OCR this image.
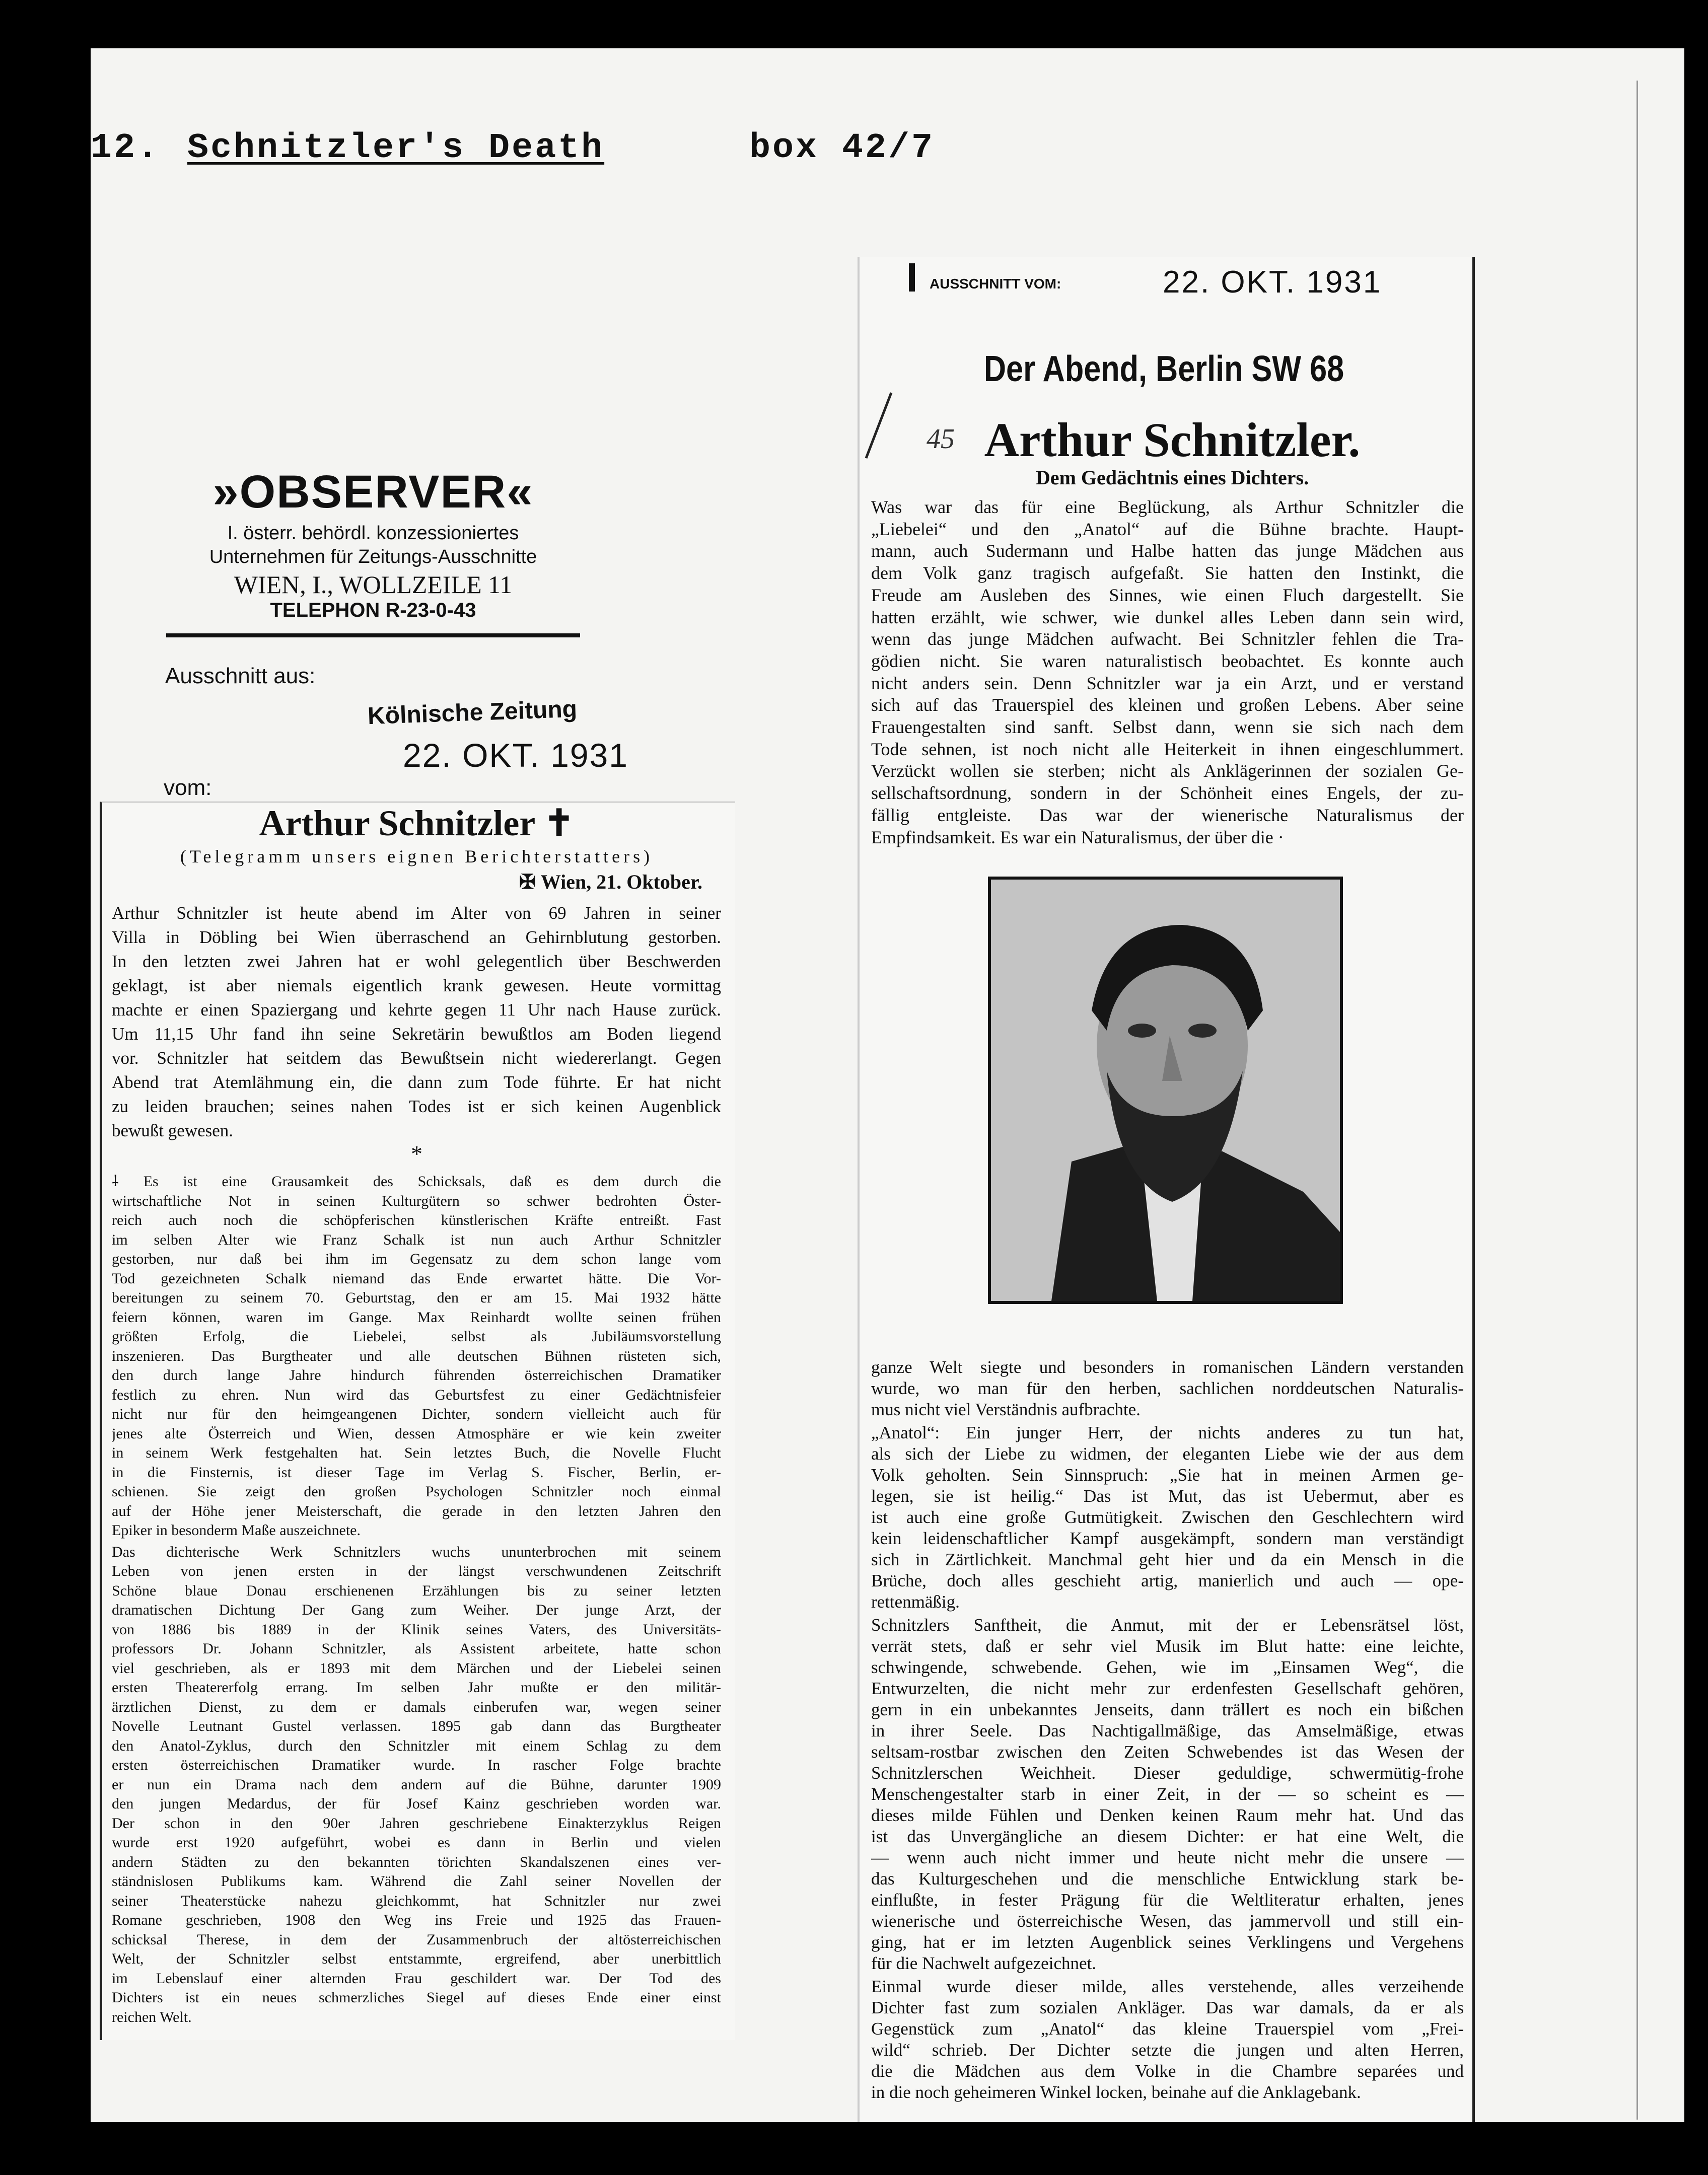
12. Schnitzler's Death	box 42/7
»OBSERVER«
I. österr. behördl. konzessioniertes
Unternehmen für Zeitungs-Ausschnitte
WIEN, I., WOLLZEILE 11
TELEPHON R-23-0-43
Ausschnitt aus:
Kölnische Zeitung
22. OKT. 1931
vom:
Arthur Schnitzler ✝
(Telegramm unsers eignen Berichterstatters)
✠ Wien, 21. Oktober.
Arthur Schnitzler ist heute abend im Alter von 69 Jahren in seiner
Villa in Döbling bei Wien überraschend an Gehirnblutung gestorben.
In den letzten zwei Jahren hat er wohl gelegentlich über Beschwerden
geklagt, ist aber niemals eigentlich krank gewesen. Heute vormittag
machte er einen Spaziergang und kehrte gegen 11 Uhr nach Hause zurück.
Um 11,15 Uhr fand ihn seine Sekretärin bewußtlos am Boden liegend
vor. Schnitzler hat seitdem das Bewußtsein nicht wiedererlangt. Gegen
Abend trat Atemlähmung ein, die dann zum Tode führte. Er hat nicht
zu leiden brauchen; seines nahen Todes ist er sich keinen Augenblick
bewußt gewesen.
*
⸸ Es ist eine Grausamkeit des Schicksals, daß es dem durch die
wirtschaftliche Not in seinen Kulturgütern so schwer bedrohten Öster-
reich auch noch die schöpferischen künstlerischen Kräfte entreißt. Fast
im selben Alter wie Franz Schalk ist nun auch Arthur Schnitzler
gestorben, nur daß bei ihm im Gegensatz zu dem schon lange vom
Tod gezeichneten Schalk niemand das Ende erwartet hätte. Die Vor-
bereitungen zu seinem 70. Geburtstag, den er am 15. Mai 1932 hätte
feiern können, waren im Gange. Max Reinhardt wollte seinen frühen
größten Erfolg, die Liebelei, selbst als Jubiläumsvorstellung
inszenieren. Das Burgtheater und alle deutschen Bühnen rüsteten sich,
den durch lange Jahre hindurch führenden österreichischen Dramatiker
festlich zu ehren. Nun wird das Geburtsfest zu einer Gedächtnisfeier
nicht nur für den heimgeangenen Dichter, sondern vielleicht auch für
jenes alte Österreich und Wien, dessen Atmosphäre er wie kein zweiter
in seinem Werk festgehalten hat. Sein letztes Buch, die Novelle Flucht
in die Finsternis, ist dieser Tage im Verlag S. Fischer, Berlin, er-
schienen. Sie zeigt den großen Psychologen Schnitzler noch einmal
auf der Höhe jener Meisterschaft, die gerade in den letzten Jahren den
Epiker in besonderm Maße auszeichnete.
Das dichterische Werk Schnitzlers wuchs ununterbrochen mit seinem
Leben von jenen ersten in der längst verschwundenen Zeitschrift
Schöne blaue Donau erschienenen Erzählungen bis zu seiner letzten
dramatischen Dichtung Der Gang zum Weiher. Der junge Arzt, der
von 1886 bis 1889 in der Klinik seines Vaters, des Universitäts-
professors Dr. Johann Schnitzler, als Assistent arbeitete, hatte schon
viel geschrieben, als er 1893 mit dem Märchen und der Liebelei seinen
ersten Theatererfolg errang. Im selben Jahr mußte er den militär-
ärztlichen Dienst, zu dem er damals einberufen war, wegen seiner
Novelle Leutnant Gustel verlassen. 1895 gab dann das Burgtheater
den Anatol-Zyklus, durch den Schnitzler mit einem Schlag zu dem
ersten österreichischen Dramatiker wurde. In rascher Folge brachte
er nun ein Drama nach dem andern auf die Bühne, darunter 1909
den jungen Medardus, der für Josef Kainz geschrieben worden war.
Der schon in den 90er Jahren geschriebene Einakterzyklus Reigen
wurde erst 1920 aufgeführt, wobei es dann in Berlin und vielen
andern Städten zu den bekannten törichten Skandalszenen eines ver-
ständnislosen Publikums kam. Während die Zahl seiner Novellen der
seiner Theaterstücke nahezu gleichkommt, hat Schnitzler nur zwei
Romane geschrieben, 1908 den Weg ins Freie und 1925 das Frauen-
schicksal Therese, in dem der Zusammenbruch der altösterreichischen
Welt, der Schnitzler selbst entstammte, ergreifend, aber unerbittlich
im Lebenslauf einer alternden Frau geschildert war. Der Tod des
Dichters ist ein neues schmerzliches Siegel auf dieses Ende einer einst
reichen Welt.
AUSSCHNITT VOM:	22. OKT. 1931
Der Abend, Berlin SW 68
45 Arthur Schnitzler.
Dem Gedächtnis eines Dichters.
Was war das für eine Beglückung, als Arthur Schnitzler die
„Liebelei“ und den „Anatol“ auf die Bühne brachte. Haupt-
mann, auch Sudermann und Halbe hatten das junge Mädchen aus
dem Volk ganz tragisch aufgefaßt. Sie hatten den Instinkt, die
Freude am Ausleben des Sinnes, wie einen Fluch dargestellt. Sie
hatten erzählt, wie schwer, wie dunkel alles Leben dann sein wird,
wenn das junge Mädchen aufwacht. Bei Schnitzler fehlen die Tra-
gödien nicht. Sie waren naturalistisch beobachtet. Es konnte auch
nicht anders sein. Denn Schnitzler war ja ein Arzt, und er verstand
sich auf das Trauerspiel des kleinen und großen Lebens. Aber seine
Frauengestalten sind sanft. Selbst dann, wenn sie sich nach dem
Tode sehnen, ist noch nicht alle Heiterkeit in ihnen eingeschlummert.
Verzückt wollen sie sterben; nicht als Anklägerinnen der sozialen Ge-
sellschaftsordnung, sondern in der Schönheit eines Engels, der zu-
fällig entgleiste. Das war der wienerische Naturalismus der
Empfindsamkeit. Es war ein Naturalismus, der über die ·
ganze Welt siegte und besonders in romanischen Ländern verstanden
wurde, wo man für den herben, sachlichen norddeutschen Naturalis-
mus nicht viel Verständnis aufbrachte.
„Anatol“: Ein junger Herr, der nichts anderes zu tun hat,
als sich der Liebe zu widmen, der eleganten Liebe wie der aus dem
Volk geholten. Sein Sinnspruch: „Sie hat in meinen Armen ge-
legen, sie ist heilig.“ Das ist Mut, das ist Uebermut, aber es
ist auch eine große Gutmütigkeit. Zwischen den Geschlechtern wird
kein leidenschaftlicher Kampf ausgekämpft, sondern man verständigt
sich in Zärtlichkeit. Manchmal geht hier und da ein Mensch in die
Brüche, doch alles geschieht artig, manierlich und auch — ope-
rettenmäßig.
Schnitzlers Sanftheit, die Anmut, mit der er Lebensrätsel löst,
verrät stets, daß er sehr viel Musik im Blut hatte: eine leichte,
schwingende, schwebende. Gehen, wie im „Einsamen Weg“, die
Entwurzelten, die nicht mehr zur erdenfesten Gesellschaft gehören,
gern in ein unbekanntes Jenseits, dann trällert es noch ein bißchen
in ihrer Seele. Das Nachtigallmäßige, das Amselmäßige, etwas
seltsam-rostbar zwischen den Zeiten Schwebendes ist das Wesen der
Schnitzlerschen Weichheit. Dieser geduldige, schwermütig-frohe
Menschengestalter starb in einer Zeit, in der — so scheint es —
dieses milde Fühlen und Denken keinen Raum mehr hat. Und das
ist das Unvergängliche an diesem Dichter: er hat eine Welt, die
— wenn auch nicht immer und heute nicht mehr die unsere —
das Kulturgeschehen und die menschliche Entwicklung stark be-
einflußte, in fester Prägung für die Weltliteratur erhalten, jenes
wienerische und österreichische Wesen, das jammervoll und still ein-
ging, hat er im letzten Augenblick seines Verklingens und Vergehens
für die Nachwelt aufgezeichnet.
Einmal wurde dieser milde, alles verstehende, alles verzeihende
Dichter fast zum sozialen Ankläger. Das war damals, da er als
Gegenstück zum „Anatol“ das kleine Trauerspiel vom „Frei-
wild“ schrieb. Der Dichter setzte die jungen und alten Herren,
die die Mädchen aus dem Volke in die Chambre separées und
in die noch geheimeren Winkel locken, beinahe auf die Anklagebank.
